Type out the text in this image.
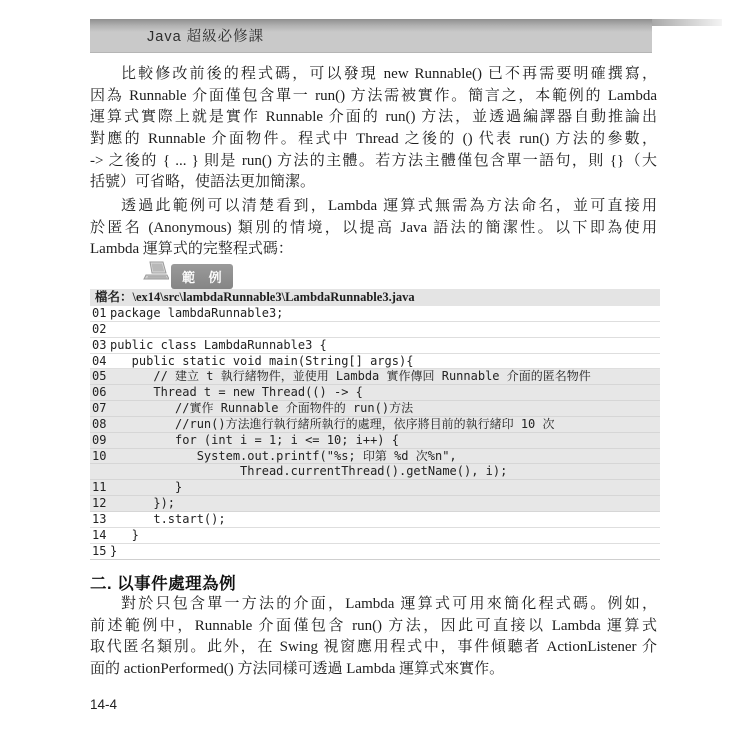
Java 超級必修課
比較修改前後的程式碼，可以發現 new Runnable() 已不再需要明確撰寫，
因為 Runnable 介面僅包含單一 run() 方法需被實作。簡言之，本範例的 Lambda
運算式實際上就是實作 Runnable 介面的 run() 方法，並透過編譯器自動推論出
對應的 Runnable 介面物件。程式中 Thread 之後的 () 代表 run() 方法的參數，
-> 之後的 { ... } 則是 run() 方法的主體。若方法主體僅包含單一語句，則 {}（大
括號）可省略，使語法更加簡潔。
透過此範例可以清楚看到，Lambda 運算式無需為方法命名，並可直接用
於匿名 (Anonymous) 類別的情境，以提高 Java 語法的簡潔性。以下即為使用
Lambda 運算式的完整程式碼：
範 例
檔名：\ex14\src\lambdaRunnable3\LambdaRunnable3.java
01 package lambdaRunnable3;
02
03 public class LambdaRunnable3 {
04 public static void main(String[] args){
05 // 建立 t 執行緒物件，並使用 Lambda 實作傳回 Runnable 介面的匿名物件
06 Thread t = new Thread(() -> {
07 //實作 Runnable 介面物件的 run()方法
08 //run()方法進行執行緒所執行的處理，依序將目前的執行緒印 10 次
09 for (int i = 1; i <= 10; i++) {
10 System.out.printf("%s; 印第 %d 次%n",
Thread.currentThread().getName(), i);
11 }
12 });
13 t.start();
14 }
15 }
二. 以事件處理為例
對於只包含單一方法的介面，Lambda 運算式可用來簡化程式碼。例如，
前述範例中，Runnable 介面僅包含 run() 方法，因此可直接以 Lambda 運算式
取代匿名類別。此外，在 Swing 視窗應用程式中，事件傾聽者 ActionListener 介
面的 actionPerformed() 方法同樣可透過 Lambda 運算式來實作。
14-4
